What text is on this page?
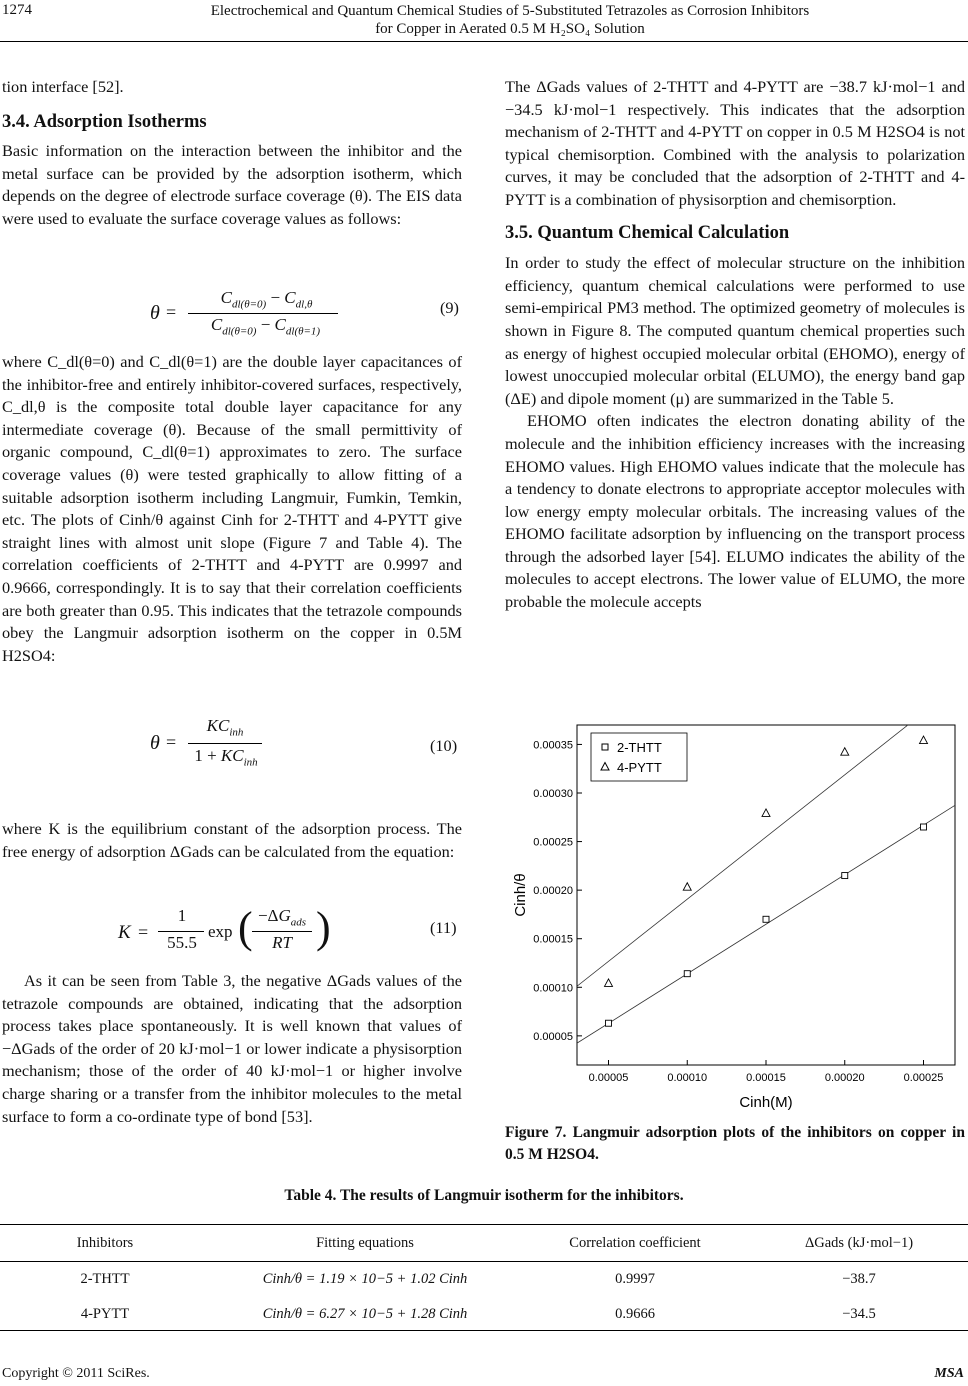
1274	Electrochemical and Quantum Chemical Studies of 5-Substituted Tetrazoles as Corrosion Inhibitors
for Copper in Aerated 0.5 M H₂SO₄ Solution

tion interface [52].

3.4. Adsorption Isotherms

Basic information on the interaction between the inhibitor and the metal surface can be provided by the adsorption isotherm, which depends on the degree of electrode surface coverage (θ). The EIS data were used to evaluate the surface coverage values as follows:

θ =
$C_{dl(\theta=0)} - C_{dl,\theta}$
$C_{dl(\theta=0)} - C_{dl(\theta=1)}$
(9)

where C_dl(θ=0) and C_dl(θ=1) are the double layer capacitances of the inhibitor-free and entirely inhibitor-covered surfaces, respectively, C_dl,θ is the composite total double layer capacitance for any intermediate coverage (θ). Because of the small permittivity of organic compound, C_dl(θ=1) approximates to zero. The surface coverage values (θ) were tested graphically to allow fitting of a suitable adsorption isotherm including Langmuir, Fumkin, Temkin, etc. The plots of Cinh/θ against Cinh for 2-THTT and 4-PYTT give straight lines with almost unit slope (Figure 7 and Table 4). The correlation coefficients of 2-THTT and 4-PYTT are 0.9997 and 0.9666, correspondingly. It is to say that their correlation coefficients are both greater than 0.95. This indicates that the tetrazole compounds obey the Langmuir adsorption isotherm on the copper in 0.5M H2SO4:

θ =
$KC_{inh}$
$1 + KC_{inh}$
(10)

where K is the equilibrium constant of the adsorption process. The free energy of adsorption ΔGads can be calculated from the equation:

K =
1
55.5
exp ( $-\Delta G_{ads}$
RT )	(11)

As it can be seen from Table 3, the negative ΔGads values of the tetrazole compounds are obtained, indicating that the adsorption process takes place spontaneously. It is well known that values of −ΔGads of the order of 20 kJ·mol−1 or lower indicate a physisorption mechanism; those of the order of 40 kJ·mol−1 or higher involve charge sharing or a transfer from the inhibitor molecules to the metal surface to form a co-ordinate type of bond [53].

The ΔGads values of 2-THTT and 4-PYTT are −38.7 kJ·mol−1 and −34.5 kJ·mol−1 respectively. This indicates that the adsorption mechanism of 2-THTT and 4-PYTT on copper in 0.5 M H2SO4 is not typical chemisorption. Combined with the analysis to polarization curves, it may be concluded that the adsorption of 2-THTT and 4-PYTT is a combination of physisorption and chemisorption.

3.5. Quantum Chemical Calculation

In order to study the effect of molecular structure on the inhibition efficiency, quantum chemical calculations were performed to use semi-empirical PM3 method. The optimized geometry of molecules is shown in Figure 8. The computed quantum chemical properties such as energy of highest occupied molecular orbital (EHOMO), energy of lowest unoccupied molecular orbital (ELUMO), the energy band gap (ΔE) and dipole moment (μ) are summarized in the Table 5.

EHOMO often indicates the electron donating ability of the molecule and the inhibition efficiency increases with the increasing EHOMO values. High EHOMO values indicate that the molecule has a tendency to donate electrons to appropriate acceptor molecules with low energy empty molecular orbitals. The increasing values of the EHOMO facilitate adsorption by influencing on the transport process through the adsorbed layer [54]. ELUMO indicates the ability of the molecules to accept electrons. The lower value of ELUMO, the more probable the molecule accepts

0.00005	0.00010	0.00015	0.00020	0.00025
0.00005
0.00010
0.00015
0.00020
0.00025
0.00030
0.00035
Cinh(M)
Cinh/θ
2-THTT
4-PYTT
Figure 7. Langmuir adsorption plots of the inhibitors on copper in 0.5 M H2SO4.
Table 4. The results of Langmuir isotherm for the inhibitors.
Inhibitors	Fitting equations	Correlation coefficient	ΔGads (kJ·mol−1)
2-THTT	Cinh/θ = 1.19 × 10−5 + 1.02 Cinh	0.9997	−38.7
4-PYTT	Cinh/θ = 6.27 × 10−5 + 1.28 Cinh	0.9666	−34.5
Copyright © 2011 SciRes.	MSA
